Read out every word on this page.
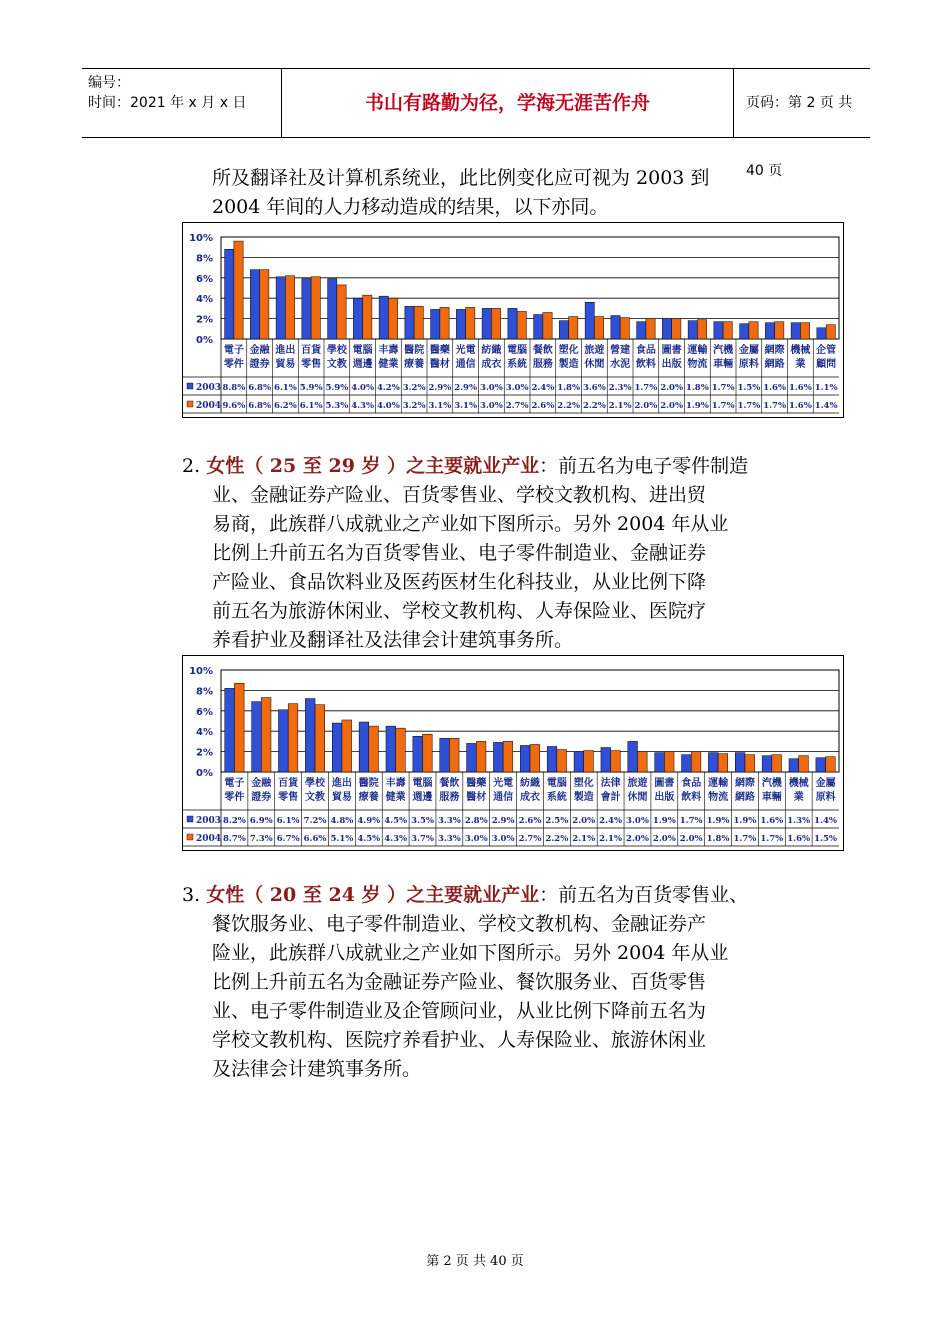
编号：
时间：2021 年 x 月 x 日	书山有路勤为径，学海无涯苦作舟	页码：第 2 页 共 40 页

所及翻译社及计算机系统业，此比例变化应可视为 2003 到

2004 年间的人力移动造成的结果，以下亦同。

10%
8%
6%
4%
2%
0%
電子
零件
金融
證券
進出
貿易
百貨
零售
學校
文教
電腦
週邊
丰壽
健業
醫院
療養
醫藥
醫材
光電
通信
紡織
成衣
電腦
系統
餐飲
服務
塑化
製造
旅遊
休閒
營建
水泥
食品
飲料
圖書
出版
運輸
物流
汽機
車輛
金屬
原料
網際
網路
機械
業
企管
顧問
2003 8.8% 6.8% 6.1% 5.9% 5.9% 4.0% 4.2% 3.2% 2.9% 2.9% 3.0% 3.0% 2.4% 1.8% 3.6% 2.3% 1.7% 2.0% 1.8% 1.7% 1.5% 1.6% 1.6% 1.1%
2004 9.6% 6.8% 6.2% 6.1% 5.3% 4.3% 4.0% 3.2% 3.1% 3.1% 3.0% 2.7% 2.6% 2.2% 2.2% 2.1% 2.0% 2.0% 1.9% 1.7% 1.7% 1.7% 1.6% 1.4%

2. 女性（ 25 至 29 岁 ）之主要就业产业：前五名为电子零件制造

业、金融证券产险业、百货零售业、学校文教机构、进出贸

易商，此族群八成就业之产业如下图所示。另外 2004 年从业

比例上升前五名为百货零售业、电子零件制造业、金融证券

产险业、食品饮料业及医药医材生化科技业，从业比例下降

前五名为旅游休闲业、学校文教机构、人寿保险业、医院疗

养看护业及翻译社及法律会计建筑事务所。

10%
8%
6%
4%
2%
0%
電子
零件
金融
證券
百貨
零售
學校
文教
進出
貿易
醫院
療養
丰壽
健業
電腦
週邊
餐飲
服務
醫藥
醫材
光電
通信
紡織
成衣
電腦
系統
塑化
製造
法律
會計
旅遊
休閒
圖書
出版
食品
飲料
運輸
物流
網際
網路
汽機
車輛
機械
業
金屬
原料
2003 8.2% 6.9% 6.1% 7.2% 4.8% 4.9% 4.5% 3.5% 3.3% 2.8% 2.9% 2.6% 2.5% 2.0% 2.4% 3.0% 1.9% 1.7% 1.9% 1.9% 1.6% 1.3% 1.4%
2004 8.7% 7.3% 6.7% 6.6% 5.1% 4.5% 4.3% 3.7% 3.3% 3.0% 3.0% 2.7% 2.2% 2.1% 2.1% 2.0% 2.0% 2.0% 1.8% 1.7% 1.7% 1.6% 1.5%

3. 女性（ 20 至 24 岁 ）之主要就业产业：前五名为百货零售业、

餐饮服务业、电子零件制造业、学校文教机构、金融证券产

险业，此族群八成就业之产业如下图所示。另外 2004 年从业

比例上升前五名为金融证券产险业、餐饮服务业、百货零售

业、电子零件制造业及企管顾问业，从业比例下降前五名为

学校文教机构、医院疗养看护业、人寿保险业、旅游休闲业

及法律会计建筑事务所。

第 2 页 共 40 页
